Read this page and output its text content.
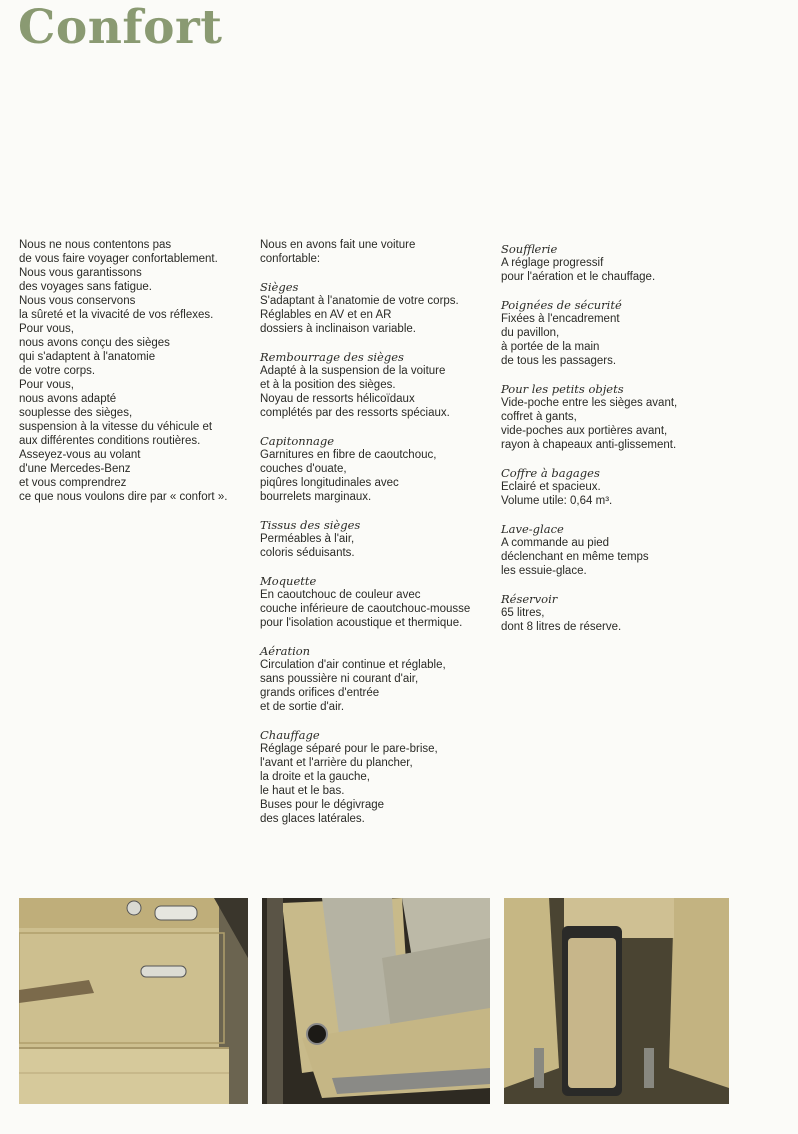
Confort
Nous ne nous contentons pas
de vous faire voyager confortablement.
Nous vous garantissons
des voyages sans fatigue.
Nous vous conservons
la sûreté et la vivacité de vos réflexes.
Pour vous,
nous avons conçu des sièges
qui s'adaptent à l'anatomie
de votre corps.
Pour vous,
nous avons adapté
souplesse des sièges,
suspension à la vitesse du véhicule et
aux différentes conditions routières.
Asseyez-vous au volant
d'une Mercedes-Benz
et vous comprendrez
ce que nous voulons dire par « confort ».
Nous en avons fait une voiture
confortable:
Sièges
S'adaptant à l'anatomie de votre corps.
Réglables en AV et en AR
dossiers à inclinaison variable.
Rembourrage des sièges
Adapté à la suspension de la voiture
et à la position des sièges.
Noyau de ressorts hélicoïdaux
complétés par des ressorts spéciaux.
Capitonnage
Garnitures en fibre de caoutchouc,
couches d'ouate,
piqûres longitudinales avec
bourrelets marginaux.
Tissus des sièges
Perméables à l'air,
coloris séduisants.
Moquette
En caoutchouc de couleur avec
couche inférieure de caoutchouc-mousse
pour l'isolation acoustique et thermique.
Aération
Circulation d'air continue et réglable,
sans poussière ni courant d'air,
grands orifices d'entrée
et de sortie d'air.
Chauffage
Réglage séparé pour le pare-brise,
l'avant et l'arrière du plancher,
la droite et la gauche,
le haut et le bas.
Buses pour le dégivrage
des glaces latérales.
Soufflerie
A réglage progressif
pour l'aération et le chauffage.
Poignées de sécurité
Fixées à l'encadrement
du pavillon,
à portée de la main
de tous les passagers.
Pour les petits objets
Vide-poche entre les sièges avant,
coffret à gants,
vide-poches aux portières avant,
rayon à chapeaux anti-glissement.
Coffre à bagages
Eclairé et spacieux.
Volume utile: 0,64 m³.
Lave-glace
A commande au pied
déclenchant en même temps
les essuie-glace.
Réservoir
65 litres,
dont 8 litres de réserve.
